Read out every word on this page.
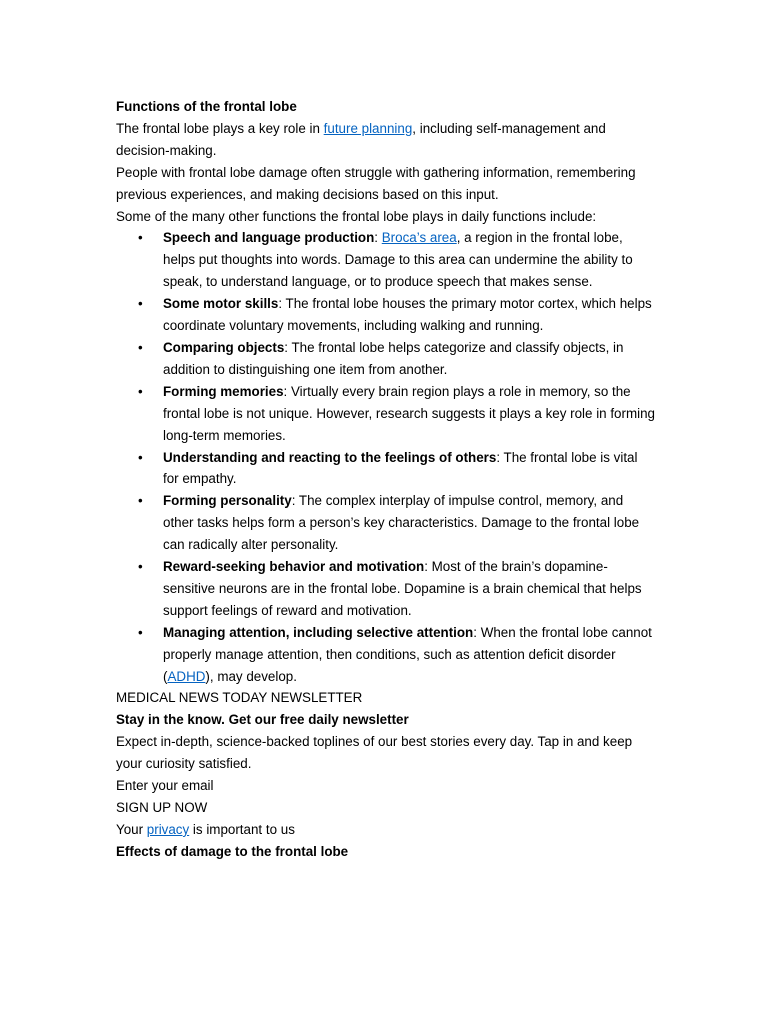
Functions of the frontal lobe

The frontal lobe plays a key role in future planning, including self-management and decision-making.

People with frontal lobe damage often struggle with gathering information, remembering previous experiences, and making decisions based on this input.

Some of the many other functions the frontal lobe plays in daily functions include:

• Speech and language production: Broca’s area, a region in the frontal lobe, helps put thoughts into words. Damage to this area can undermine the ability to speak, to understand language, or to produce speech that makes sense.
• Some motor skills: The frontal lobe houses the primary motor cortex, which helps coordinate voluntary movements, including walking and running.
• Comparing objects: The frontal lobe helps categorize and classify objects, in addition to distinguishing one item from another.
• Forming memories: Virtually every brain region plays a role in memory, so the frontal lobe is not unique. However, research suggests it plays a key role in forming long-term memories.
• Understanding and reacting to the feelings of others: The frontal lobe is vital for empathy.
• Forming personality: The complex interplay of impulse control, memory, and other tasks helps form a person’s key characteristics. Damage to the frontal lobe can radically alter personality.
• Reward-seeking behavior and motivation: Most of the brain’s dopamine-sensitive neurons are in the frontal lobe. Dopamine is a brain chemical that helps support feelings of reward and motivation.
• Managing attention, including selective attention: When the frontal lobe cannot properly manage attention, then conditions, such as attention deficit disorder (ADHD), may develop.

MEDICAL NEWS TODAY NEWSLETTER

Stay in the know. Get our free daily newsletter

Expect in-depth, science-backed toplines of our best stories every day. Tap in and keep your curiosity satisfied.

Enter your email

SIGN UP NOW

Your privacy is important to us

Effects of damage to the frontal lobe
